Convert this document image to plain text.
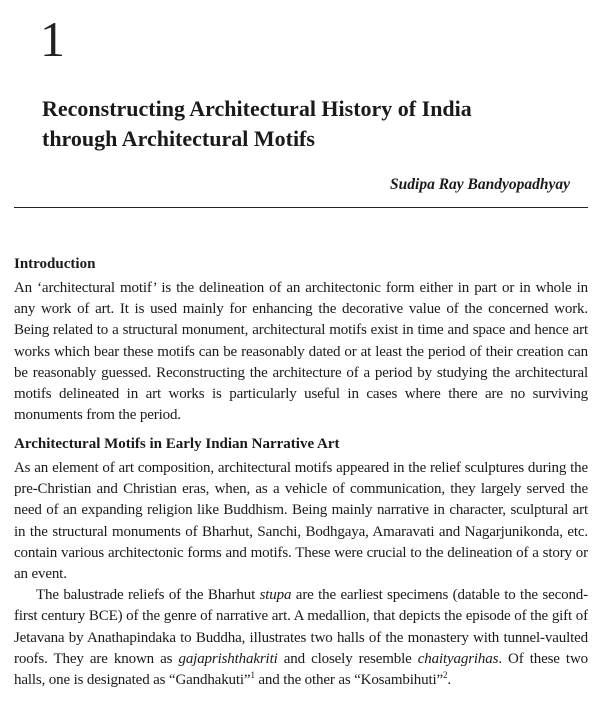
1
Reconstructing Architectural History of India
through Architectural Motifs
Sudipa Ray Bandyopadhyay
Introduction

An ‘architectural motif’ is the delineation of an architectonic form either in part or in whole in any work of art. It is used mainly for enhancing the decorative value of the concerned work. Being related to a structural monument, architectural motifs exist in time and space and hence art works which bear these motifs can be reasonably dated or at least the period of their creation can be reasonably guessed. Reconstructing the architecture of a period by studying the architectural motifs delineated in art works is particularly useful in cases where there are no surviving monuments from the period.

Architectural Motifs in Early Indian Narrative Art

As an element of art composition, architectural motifs appeared in the relief sculptures during the pre-Christian and Christian eras, when, as a vehicle of communication, they largely served the need of an expanding religion like Buddhism. Being mainly narrative in character, sculptural art in the structural monuments of Bharhut, Sanchi, Bodhgaya, Amaravati and Nagarjunikonda, etc. contain various architectonic forms and motifs. These were crucial to the delineation of a story or an event.

The balustrade reliefs of the Bharhut stupa are the earliest specimens (datable to the second-first century BCE) of the genre of narrative art. A medallion, that depicts the episode of the gift of Jetavana by Anathapindaka to Buddha, illustrates two halls of the monastery with tunnel-vaulted roofs. They are known as gajaprishthakriti and closely resemble chaityagrihas. Of these two halls, one is designated as “Gandhakuti”$^1$ and the other as “Kosambihuti”$^2$.
